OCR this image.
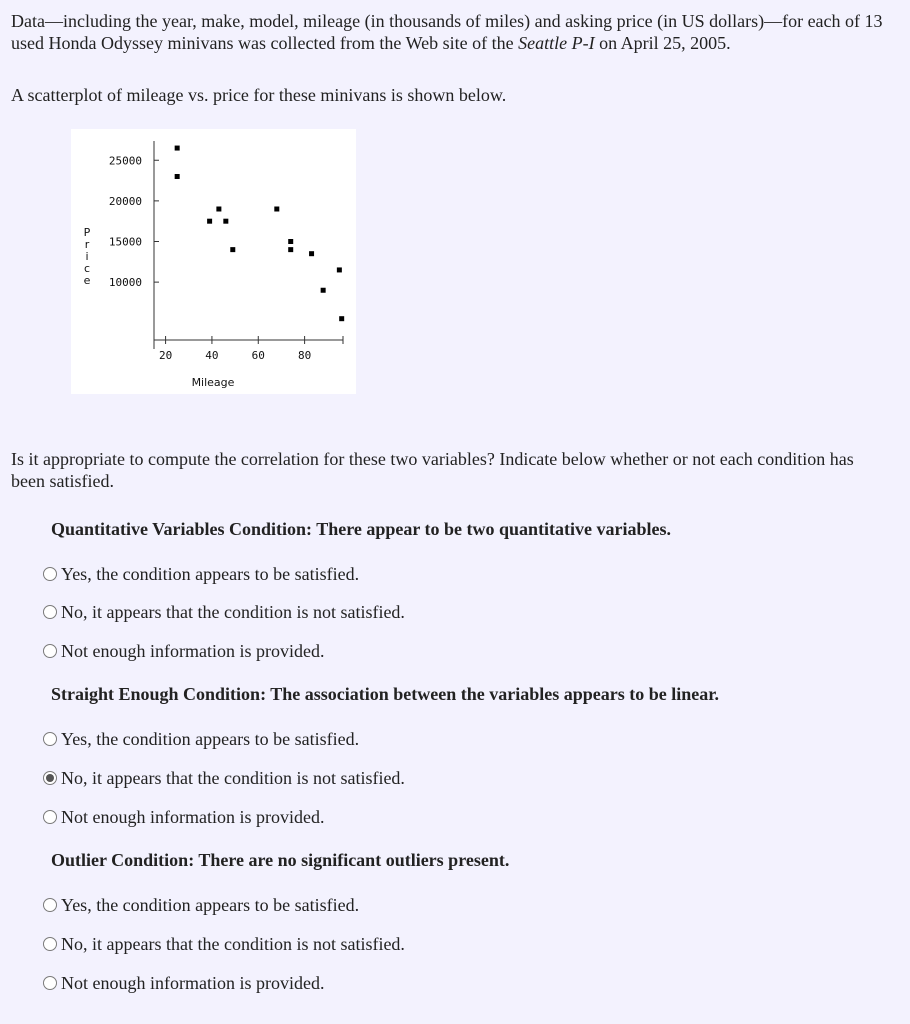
Data—including the year, make, model, mileage (in thousands of miles) and asking price (in US dollars)—for each of 13 used Honda Odyssey minivans was collected from the Web site of the Seattle P-I on April 25, 2005.
A scatterplot of mileage vs. price for these minivans is shown below.
10000
15000
20000
25000
20	40	60	80
Mileage
P
r
i
c
e
Is it appropriate to compute the correlation for these two variables? Indicate below whether or not each condition has been satisfied.
Quantitative Variables Condition: There appear to be two quantitative variables.
Yes, the condition appears to be satisfied.
No, it appears that the condition is not satisfied.
Not enough information is provided.
Straight Enough Condition: The association between the variables appears to be linear.
Yes, the condition appears to be satisfied.
No, it appears that the condition is not satisfied.
Not enough information is provided.
Outlier Condition: There are no significant outliers present.
Yes, the condition appears to be satisfied.
No, it appears that the condition is not satisfied.
Not enough information is provided.
